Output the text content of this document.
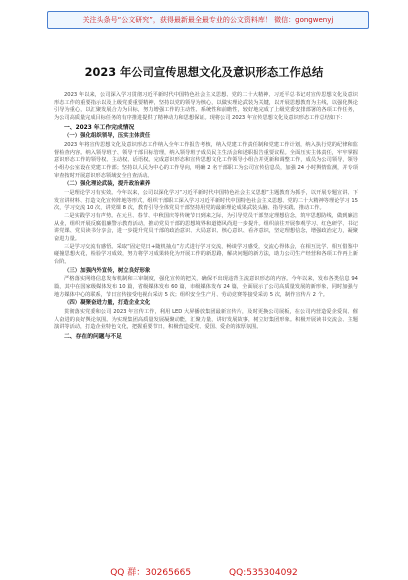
关注头条号“公文研究”，获得最新最全最专业的公文资料库！ 微信：gongwenyj
2023 年公司宣传思想文化及意识形态工作总结
2023 年以来，公司深入学习贯彻习近平新时代中国特色社会主义思想、党的二十大精神、习近平总书记对宣传思想文化及意识形态工作的重要指示以及上级党委重要精神，坚持以党的领导为核心，以做实理论武装为关键，以开展思想教育为主线，以强化舆论引导为重心，以汇聚发展合力为目标，努力增强工作的主动性、系统性和前瞻性，较好地完成了上级党委安排部署的各项工作任务，为公司高质量完成目标任务的有序推进提供了精神动力和思想保证。现将公司 2023 年宣传思想文化及意识形态工作总结如下：
一、2023 年工作完成情况
（一）强化组织领导，压实主体责任
2023 年将宣传思想文化及意识形态工作纳入全年工作报告考核，纳入党建工作责任制和党建工作计划，纳入执行党的纪律和监督检查内容。纳入领导班子、领导干部目标管理，纳入领导班子成员民主生活会和述职报告重要议程。全面压实主体责任，牢牢掌握意识形态工作的领导权、主动权、话语权。完成意识形态和宣传思想文化工作领导小组合并更新和调整工作，成员为公司领导，领导小组办公室设在党建工作部；坚持以人民为中心的工作导向，明确 2 名干部职工为公司宣传信息员，加强 24 小时舆情监测，并专项审查按时开展意识形态领域安全自查活动。
（二）强化理论武装，提升政治素养
一是理论学习有实效。今年以来，公司以深化学习“习近平新时代中国特色社会主义思想”主题教育为抓手，以开展专题宣讲、下发宣讲材料、打造文化宣传阵地等形式，组织干部职工深入学习习近平新时代中国特色社会主义思想、党的二十大精神等理论学习 15 次，学习交流 10 次，讲党课 8 次，教育引导全体党员干部坚持用党的最新理论成果武装头脑、指导实践、推动工作。
二是实践学习有声势。在元旦、春节、中秋国庆等传统节日到来之际，为引导党员干部坚定理想信念，筑牢思想防线，做到廉洁从业，组织开展反腐倡廉警示教育活动，推动党员干部的思想境界和道德风尚进一步提升。组织前往开展参观学习、红色研学、书记讲党课、党员读书分享会，进一步提升党员干部的政治意识、大局意识、核心意识、看齐意识，坚定理想信念，增强政治定力，凝聚奋进力量。
三是学习交流有感悟。采取“固定党日+随机抽点”方式进行学习交流，畅谈学习感受，交流心得体会，在相互比学、相互借鉴中碰撞思想火花，检验学习成效，努力将学习成果转化为开展工作的新思路，解决问题的新方法，助力公司生产经营和各项工作再上新台阶。
（三）加强内外宣传，树立良好形象
严格落实网络信息发布机制和三审制度，强化宣传的把关，确保不出现违背主流意识形态的内容。今年以来，发布各类信息 94 篇，其中在国家级媒体发布 10 篇，省级媒体发布 60 篇，市级媒体发布 24 篇，全面展示了公司高质量发展的新形象，同时加强与地方媒体中心的联系，节日宣传接受电视台采访 5 次；组织安全生产月、劳动竞赛等接受采访 5 次，制作宣传片 2 个。
（四）凝聚奋进力量，打造企业文化
贯彻落实党委和公司 2023 年宣传工作，利用 LED 大屏播放集团最新宣传片，及时更换公司展板，在公司内营造爱企爱岗、催人奋进的良好舆论氛围。为实现集团高质量发展凝聚动能，汇聚力量，讲好发展故事，树立好集团形象。积极开展读书交流会、主题演讲等活动，打造企业特色文化，把握重要节日，积极营造爱党、爱国、爱企的浓厚氛围。
二、存在的问题与不足
QQ 群：30265665	QQ:535304092
